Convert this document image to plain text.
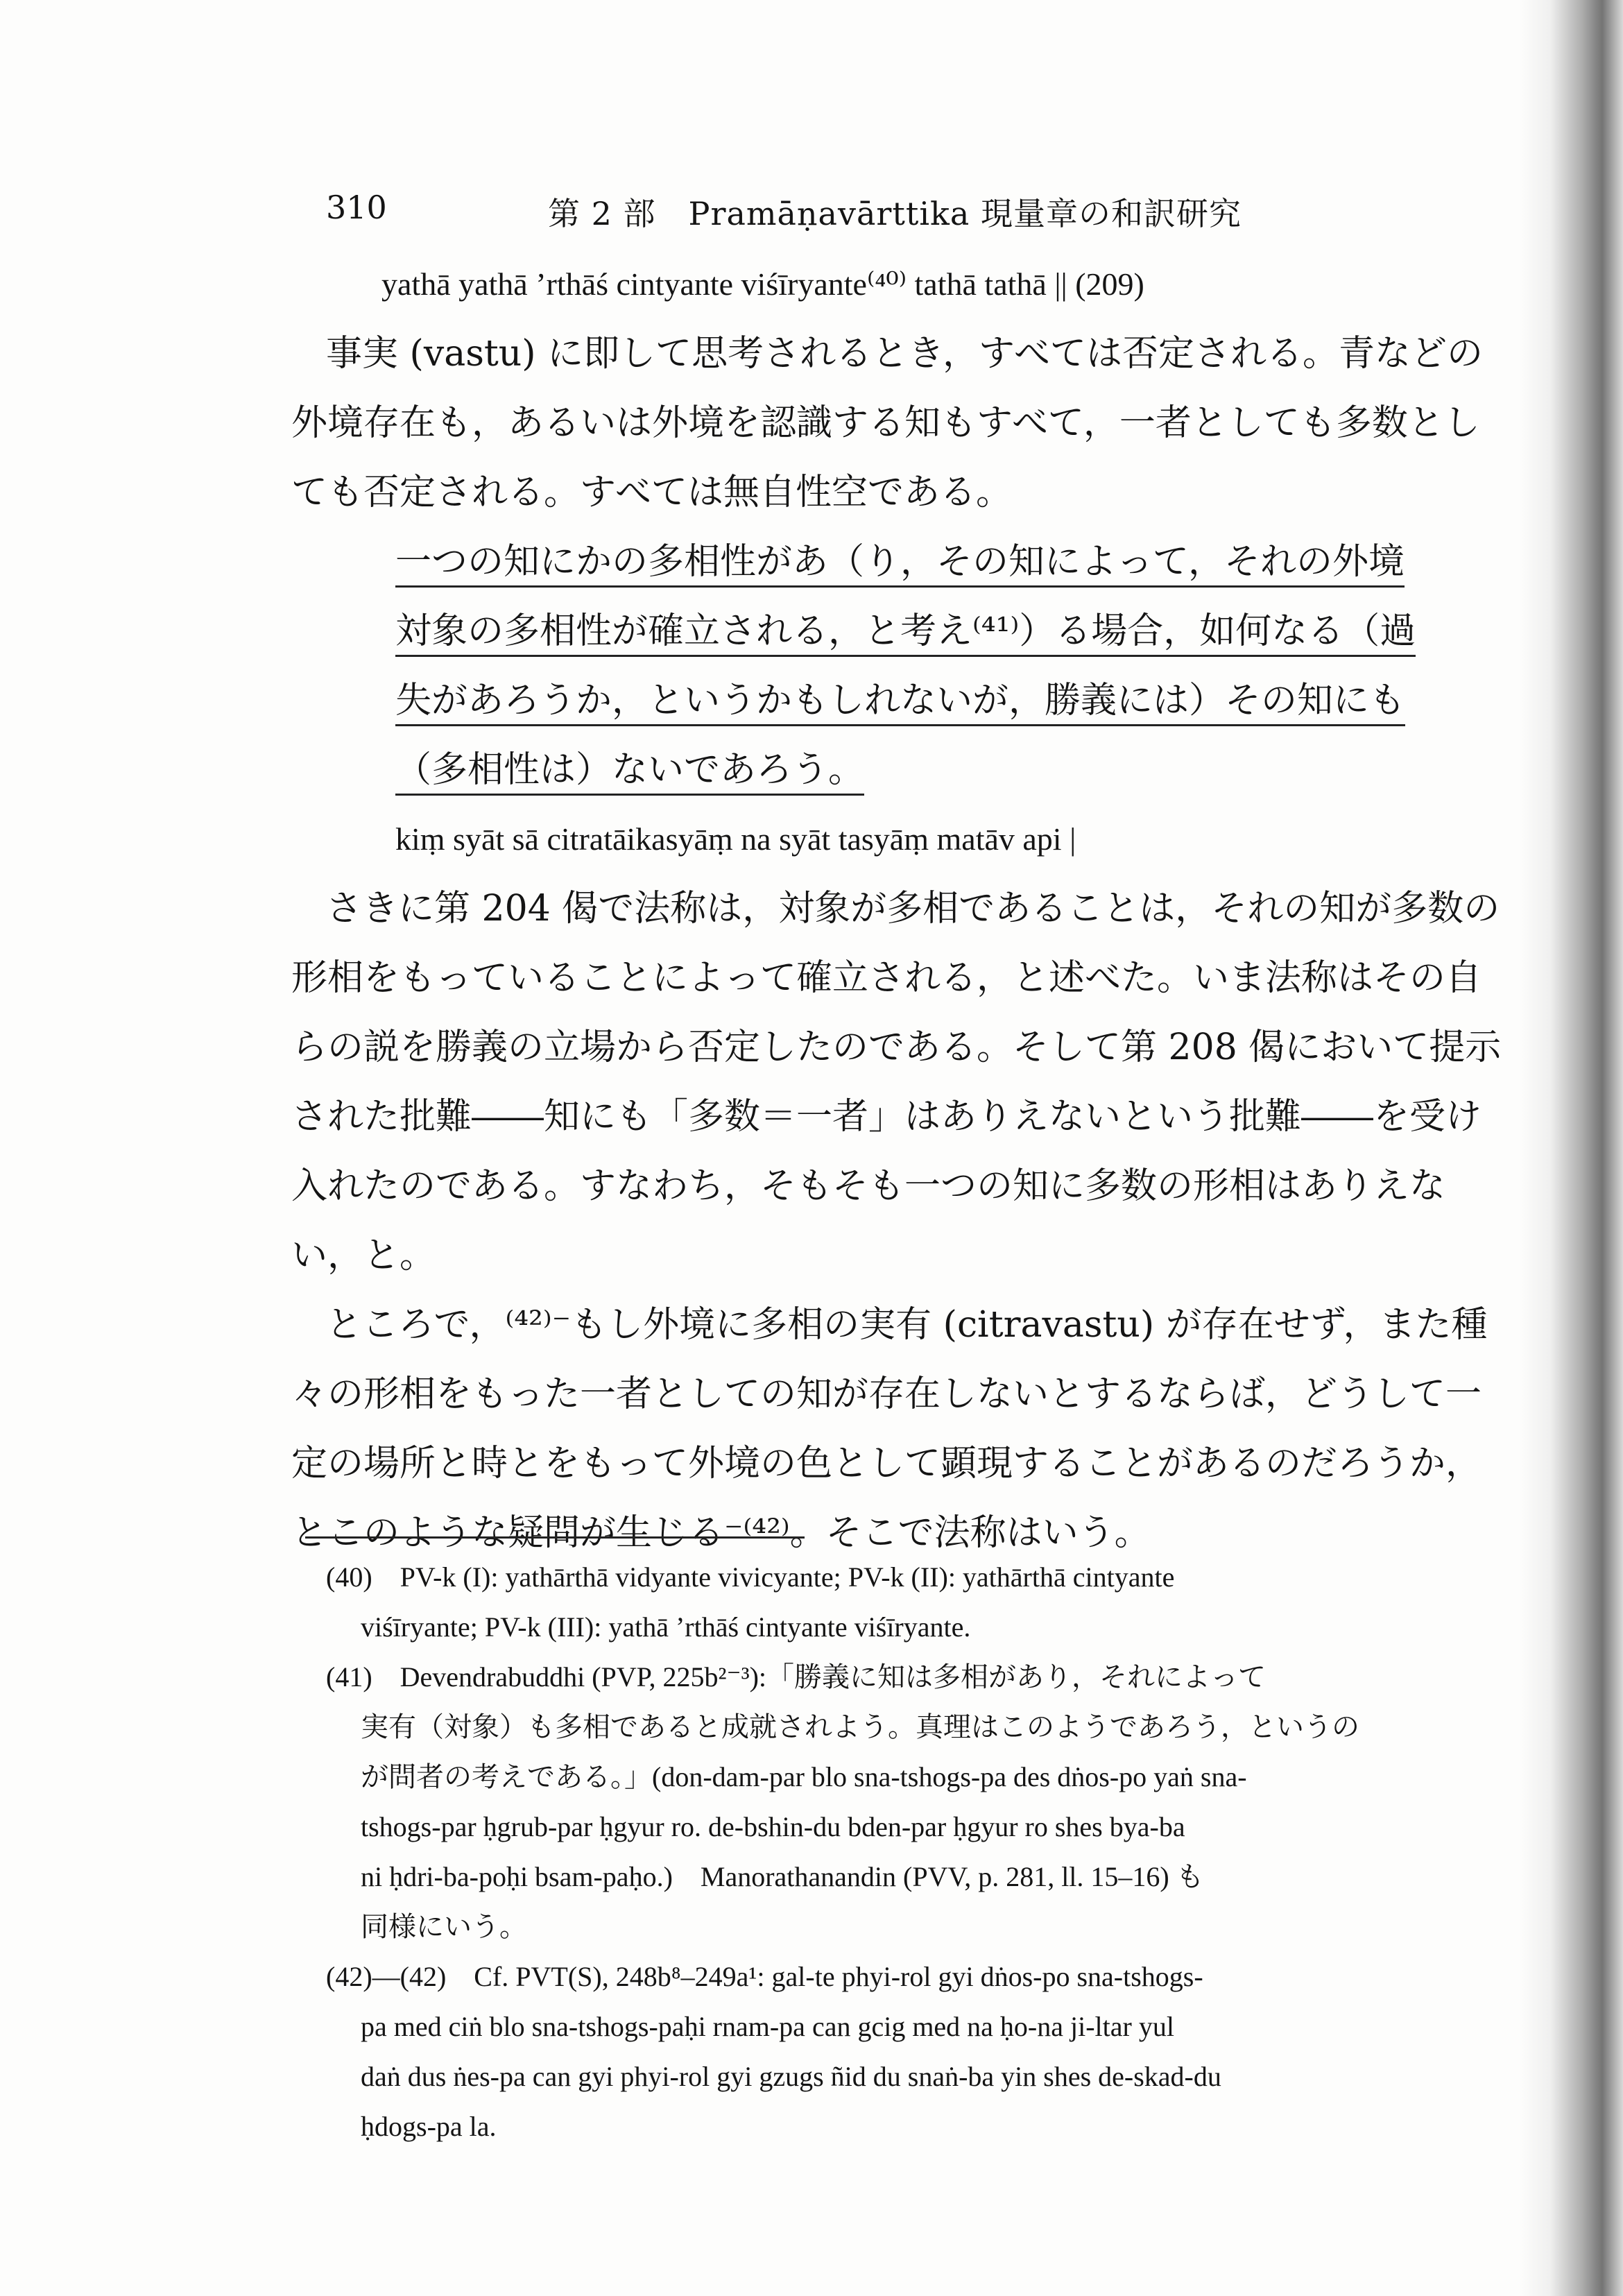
310	第 2 部　Pramāṇavārttika 現量章の和訳研究
yathā yathā ’rthāś cintyante viśīryante⁽⁴⁰⁾ tathā tathā || (209)
事実 (vastu) に即して思考されるとき，すべては否定される。青などの
外境存在も，あるいは外境を認識する知もすべて，一者としても多数とし
ても否定される。すべては無自性空である。
一つの知にかの多相性があ（り，その知によって，それの外境
対象の多相性が確立される，と考え⁽⁴¹⁾）る場合，如何なる（過
失があろうか，というかもしれないが，勝義には）その知にも
（多相性は）ないであろう。
kiṃ syāt sā citratāikasyāṃ na syāt tasyāṃ matāv api |
さきに第 204 偈で法称は，対象が多相であることは，それの知が多数の
形相をもっていることによって確立される，と述べた。いま法称はその自
らの説を勝義の立場から否定したのである。そして第 208 偈において提示
された批難――知にも「多数＝一者」はありえないという批難――を受け
入れたのである。すなわち，そもそも一つの知に多数の形相はありえな
い，と。
ところで，⁽⁴²⁾⁻もし外境に多相の実有 (citravastu) が存在せず，また種
々の形相をもった一者としての知が存在しないとするならば，どうして一
定の場所と時とをもって外境の色として顕現することがあるのだろうか，
とこのような疑問が生じる⁻⁽⁴²⁾。そこで法称はいう。
(40)　PV-k (I): yathārthā vidyante vivicyante; PV-k (II): yathārthā cintyante
viśīryante; PV-k (III): yathā ’rthāś cintyante viśīryante.
(41)　Devendrabuddhi (PVP, 225b²⁻³):「勝義に知は多相があり，それによって
実有（対象）も多相であると成就されよう。真理はこのようであろう，というの
が問者の考えである。」(don-dam-par blo sna-tshogs-pa des dṅos-po yaṅ sna-
tshogs-par ḥgrub-par ḥgyur ro. de-bshin-du bden-par ḥgyur ro shes bya-ba
ni ḥdri-ba-poḥi bsam-paḥo.)　Manorathanandin (PVV, p. 281, ll. 15–16) も
同様にいう。
(42)—(42)　Cf. PVT(S), 248b⁸–249a¹: gal-te phyi-rol gyi dṅos-po sna-tshogs-
pa med ciṅ blo sna-tshogs-paḥi rnam-pa can gcig med na ḥo-na ji-ltar yul
daṅ dus ṅes-pa can gyi phyi-rol gyi gzugs ñid du snaṅ-ba yin shes de-skad-du
ḥdogs-pa la.
